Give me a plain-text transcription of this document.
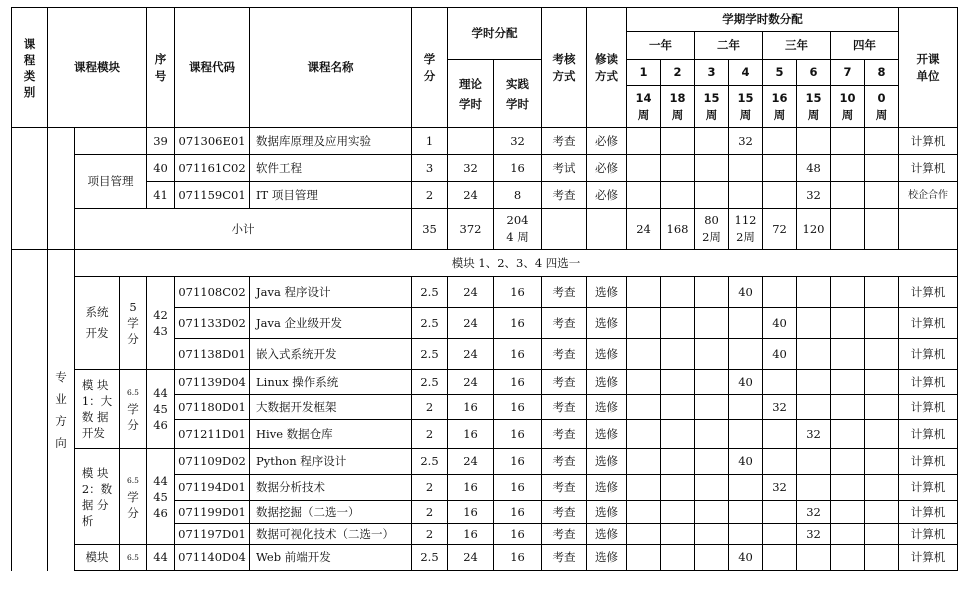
课程类别	课程模块			序号	课程代码	课程名称	学分	学时分配		考核方式	修读方式	学期学时数分配								开课单位

												一年		二年		三年		四年		

								理论学时	实践学时			1	2	3	4	5	6	7	8	

												14
周	18
周	15
周	15
周	16
周	15
周	10
周	0
周	

				39	071306E01	数据库原理及应用实验	1		32	考查	必修				32					计算机
		项目管理		40	071161C02	软件工程	3	32	16	考试	必修						48			计算机
				41	071159C01	IT 项目管理	2	24	8	考查	必修						32			校企合作
		小计					35	372	204
4 周			24	168	80
2周	112
2周	72	120			

	专业方向	模块 1、2、3、4 四选一																		

		系统开发	5
学
分	42
43	071108C02	Java 程序设计	2.5	24	16	考查	选修				40					计算机
					071133D02	Java 企业级开发	2.5	24	16	考查	选修					40				计算机
					071138D01	嵌入式系统开发	2.5	24	16	考查	选修					40				计算机

		模 块
1：大
数 据
开发	6.5
学
分	44
45
46	071139D04	Linux 操作系统	2.5	24	16	考查	选修				40					计算机
					071180D01	大数据开发框架	2	16	16	考查	选修					32				计算机
					071211D01	Hive 数据仓库	2	16	16	考查	选修						32			计算机

		模 块
2：数
据 分
析	6.5
学
分	44
45
46	071109D02	Python 程序设计	2.5	24	16	考查	选修				40					计算机
					071194D01	数据分析技术	2	16	16	考查	选修					32				计算机
					071199D01	数据挖掘（二选一）	2	16	16	考查	选修						32			计算机
					071197D01	数据可视化技术（二选一）	2	16	16	考查	选修						32			计算机
		模块	6.5	44	071140D04	Web 前端开发	2.5	24	16	考查	选修				40					计算机
